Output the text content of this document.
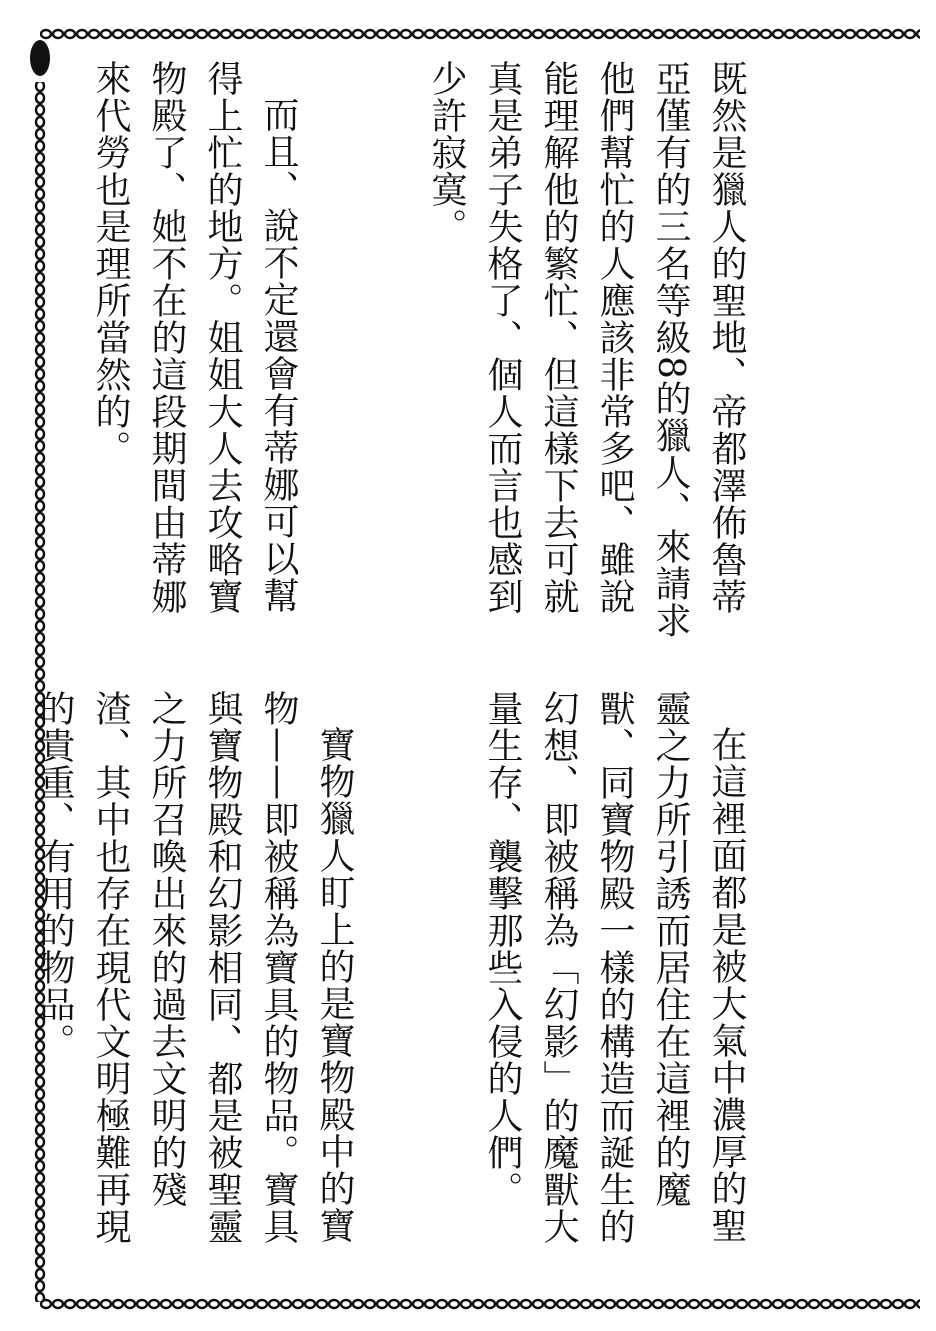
既然是獵人的聖地、帝都澤佈魯蒂亞僅有的三名等級8的獵人、來請求他們幫忙的人應該非常多吧、雖說能理解他的繁忙、但這樣下去可就真是弟子失格了、個人而言也感到少許寂寞。

而且、說不定還會有蒂娜可以幫得上忙的地方。姐姐大人去攻略寶物殿了、她不在的這段期間由蒂娜來代勞也是理所當然的。

在這裡面都是被大氣中濃厚的聖靈之力所引誘而居住在這裡的魔獸、同寶物殿一樣的構造而誕生的幻想、即被稱為「幻影」的魔獸大量生存、襲擊那些入侵的人們。

寶物獵人盯上的是寶物殿中的寶物——即被稱為寶具的物品。寶具與寶物殿和幻影相同、都是被聖靈之力所召喚出來的過去文明的殘渣、其中也存在現代文明極難再現的貴重、有用的物品。
